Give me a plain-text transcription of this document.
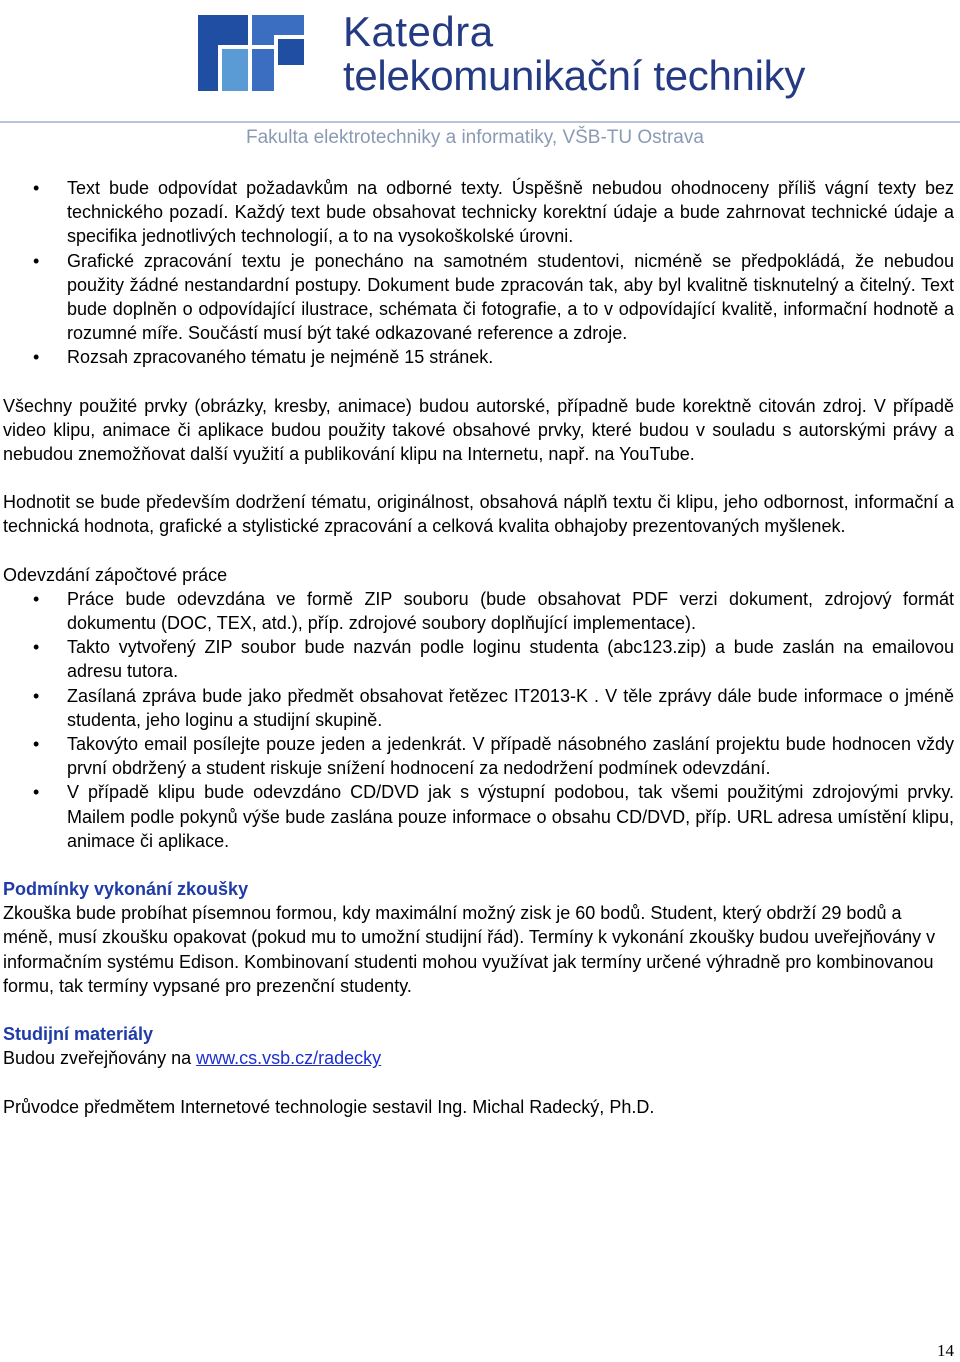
Katedra
telekomunikační techniky
Fakulta elektrotechniky a informatiky, VŠB-TU Ostrava
• Text bude odpovídat požadavkům na odborné texty. Úspěšně nebudou ohodnoceny příliš vágní texty bez technického pozadí. Každý text bude obsahovat technicky korektní údaje a bude zahrnovat technické údaje a specifika jednotlivých technologií, a to na vysokoškolské úrovni.
• Grafické zpracování textu je ponecháno na samotném studentovi, nicméně se předpokládá, že nebudou použity žádné nestandardní postupy. Dokument bude zpracován tak, aby byl kvalitně tisknutelný a čitelný. Text bude doplněn o odpovídající ilustrace, schémata či fotografie, a to v odpovídající kvalitě, informační hodnotě a rozumné míře. Součástí musí být také odkazované reference a zdroje.
• Rozsah zpracovaného tématu je nejméně 15 stránek.

Všechny použité prvky (obrázky, kresby, animace) budou autorské, případně bude korektně citován zdroj. V případě video klipu, animace či aplikace budou použity takové obsahové prvky, které budou v souladu s autorskými právy a nebudou znemožňovat další využití a publikování klipu na Internetu, např. na YouTube.

Hodnotit se bude především dodržení tématu, originálnost, obsahová náplň textu či klipu, jeho odbornost, informační a technická hodnota, grafické a stylistické zpracování a celková kvalita obhajoby prezentovaných myšlenek.

Odevzdání zápočtové práce

• Práce bude odevzdána ve formě ZIP souboru (bude obsahovat PDF verzi dokument, zdrojový formát dokumentu (DOC, TEX, atd.), příp. zdrojové soubory doplňující implementace).
• Takto vytvořený ZIP soubor bude nazván podle loginu studenta (abc123.zip) a bude zaslán na emailovou adresu tutora.
• Zasílaná zpráva bude jako předmět obsahovat řetězec IT2013-K . V těle zprávy dále bude informace o jméně studenta, jeho loginu a studijní skupině.
• Takovýto email posílejte pouze jeden a jedenkrát. V případě násobného zaslání projektu bude hodnocen vždy první obdržený a student riskuje snížení hodnocení za nedodržení podmínek odevzdání.
• V případě klipu bude odevzdáno CD/DVD jak s výstupní podobou, tak všemi použitými zdrojovými prvky. Mailem podle pokynů výše bude zaslána pouze informace o obsahu CD/DVD, příp. URL adresa umístění klipu, animace či aplikace.

Podmínky vykonání zkoušky

Zkouška bude probíhat písemnou formou, kdy maximální možný zisk je 60 bodů. Student, který obdrží 29 bodů a méně, musí zkoušku opakovat (pokud mu to umožní studijní řád). Termíny k vykonání zkoušky budou uveřejňovány v informačním systému Edison. Kombinovaní studenti mohou využívat jak termíny určené výhradně pro kombinovanou formu, tak termíny vypsané pro prezenční studenty.

Studijní materiály

Budou zveřejňovány na www.cs.vsb.cz/radecky

Průvodce předmětem Internetové technologie sestavil Ing. Michal Radecký, Ph.D.

14
